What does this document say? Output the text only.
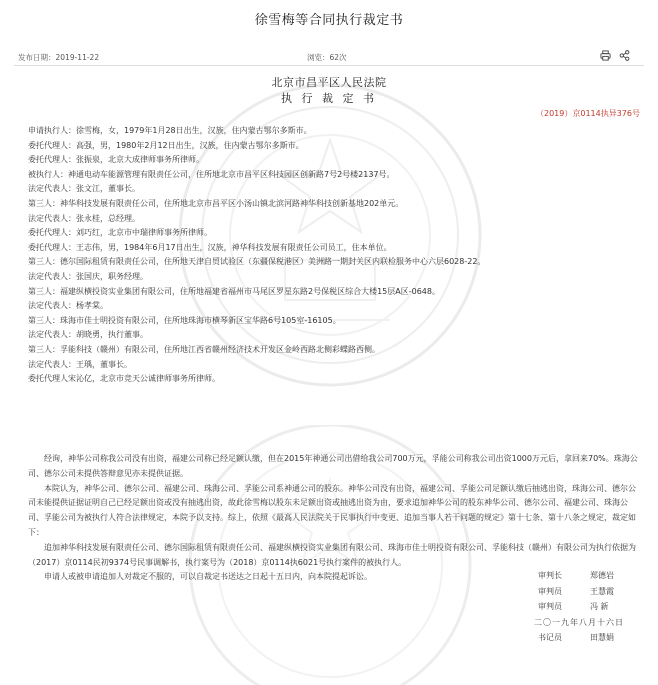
徐雪梅等合同执行裁定书
发布日期：2019-11-22	浏览：62次
北京市昌平区人民法院
执 行 裁 定 书
（2019）京0114执异376号
申请执行人：徐雪梅，女，1979年1月28日出生，汉族，住内蒙古鄂尔多斯市。
委托代理人：高强，男，1980年2月12日出生，汉族，住内蒙古鄂尔多斯市。
委托代理人：张振泉，北京大成律师事务所律师。
被执行人：神通电动车能源管理有限责任公司，住所地北京市昌平区科技园区创新路7号2号楼2137号。
法定代表人：张文江，董事长。
第三人：神华科技发展有限责任公司，住所地北京市昌平区小汤山镇北滨河路神华科技创新基地202单元。
法定代表人：张永桂，总经理。
委托代理人：刘巧红，北京市中瑞律师事务所律师。
委托代理人：王志伟，男，1984年6月17日出生，汉族，神华科技发展有限责任公司员工，住本单位。
第三人：德尔国际租赁有限责任公司，住所地天津自贸试验区（东疆保税港区）美洲路一期封关区内联检服务中心六层6028-22。
法定代表人：张国庆，职务经理。
第三人：福建纵横投资实业集团有限公司，住所地福建省福州市马尾区罗星东路2号保税区综合大楼15层A区-0648。
法定代表人：杨孝棠。
第三人：珠海市佳士明投资有限公司，住所地珠海市横琴新区宝华路6号105室-16105。
法定代表人：胡晓勇，执行董事。
第三人：孚能科技（赣州）有限公司，住所地江西省赣州经济技术开发区金岭西路北侧彩蝶路西侧。
法定代表人：王瑀，董事长。
委托代理人宋沁亿，北京市竞天公诚律师事务所律师。

经询，神华公司称我公司没有出资，福建公司称已经足额认缴，但在2015年神通公司出借给我公司700万元，孚能公司称我公司出资1000万元后，拿回来70%。珠海公司、德尔公司未提供答辩意见亦未提供证据。

本院认为，神华公司、德尔公司、福建公司、珠海公司、孚能公司系神通公司的股东。神华公司没有出资，福建公司、孚能公司足额认缴后抽逃出资，珠海公司、德尔公司未能提供证据证明自己已经足额出资或没有抽逃出资，故此徐雪梅以股东未足额出资或抽逃出资为由，要求追加神华公司的股东神华公司、德尔公司、福建公司、珠海公司、孚能公司为被执行人符合法律规定，本院予以支持。综上，依照《最高人民法院关于民事执行中变更、追加当事人若干问题的规定》第十七条、第十八条之规定，裁定如下：

追加神华科技发展有限责任公司、德尔国际租赁有限责任公司、福建纵横投资实业集团有限公司、珠海市佳士明投资有限公司、孚能科技（赣州）有限公司为执行依据为（2017）京0114民初9374号民事调解书，执行案号为（2018）京0114执6021号执行案件的被执行人。

申请人或被申请追加人对裁定不服的，可以自裁定书送达之日起十五日内，向本院提起诉讼。	审判长	郑德岩
审判员	王慧霞
审判员	冯 新
二〇一九年八月十六日
书记员	田慧娟
